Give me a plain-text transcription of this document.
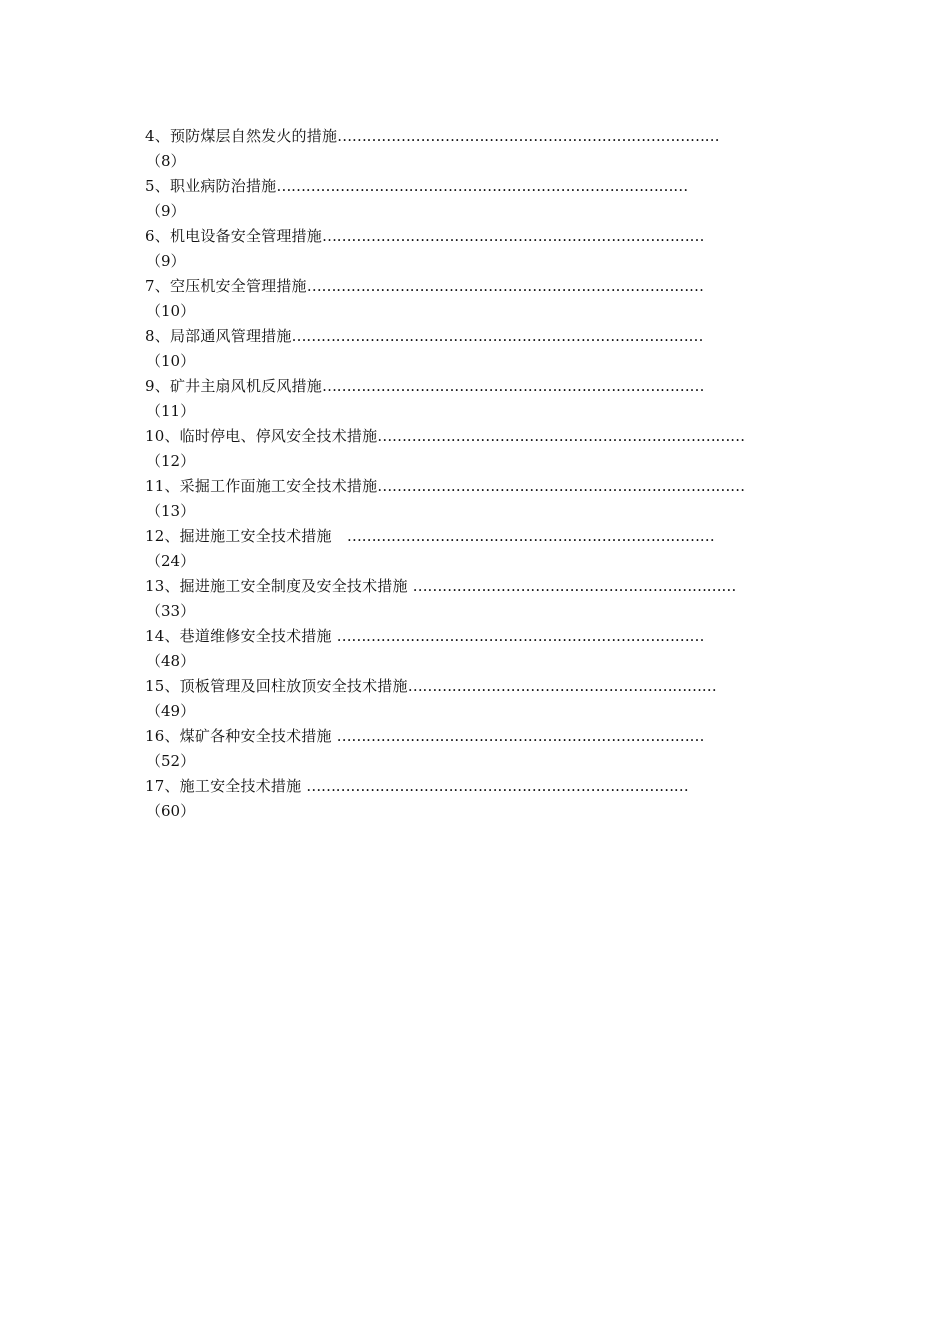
4、预防煤层自然发火的措施……………………………………………………………………
（8）
5、职业病防治措施…………………………………………………………………………
（9）
6、机电设备安全管理措施……………………………………………………………………
（9）
7、空压机安全管理措施………………………………………………………………………
（10）
8、局部通风管理措施…………………………………………………………………………
（10）
9、矿井主扇风机反风措施……………………………………………………………………
（11）
10、临时停电、停风安全技术措施…………………………………………………………………
（12）
11、采掘工作面施工安全技术措施…………………………………………………………………
（13）
12、掘进施工安全技术措施　…………………………………………………………………
（24）
13、掘进施工安全制度及安全技术措施 …………………………………………………………
（33）
14、巷道维修安全技术措施 …………………………………………………………………
（48）
15、顶板管理及回柱放顶安全技术措施………………………………………………………
（49）
16、煤矿各种安全技术措施 …………………………………………………………………
（52）
17、施工安全技术措施 ……………………………………………………………………
（60）
